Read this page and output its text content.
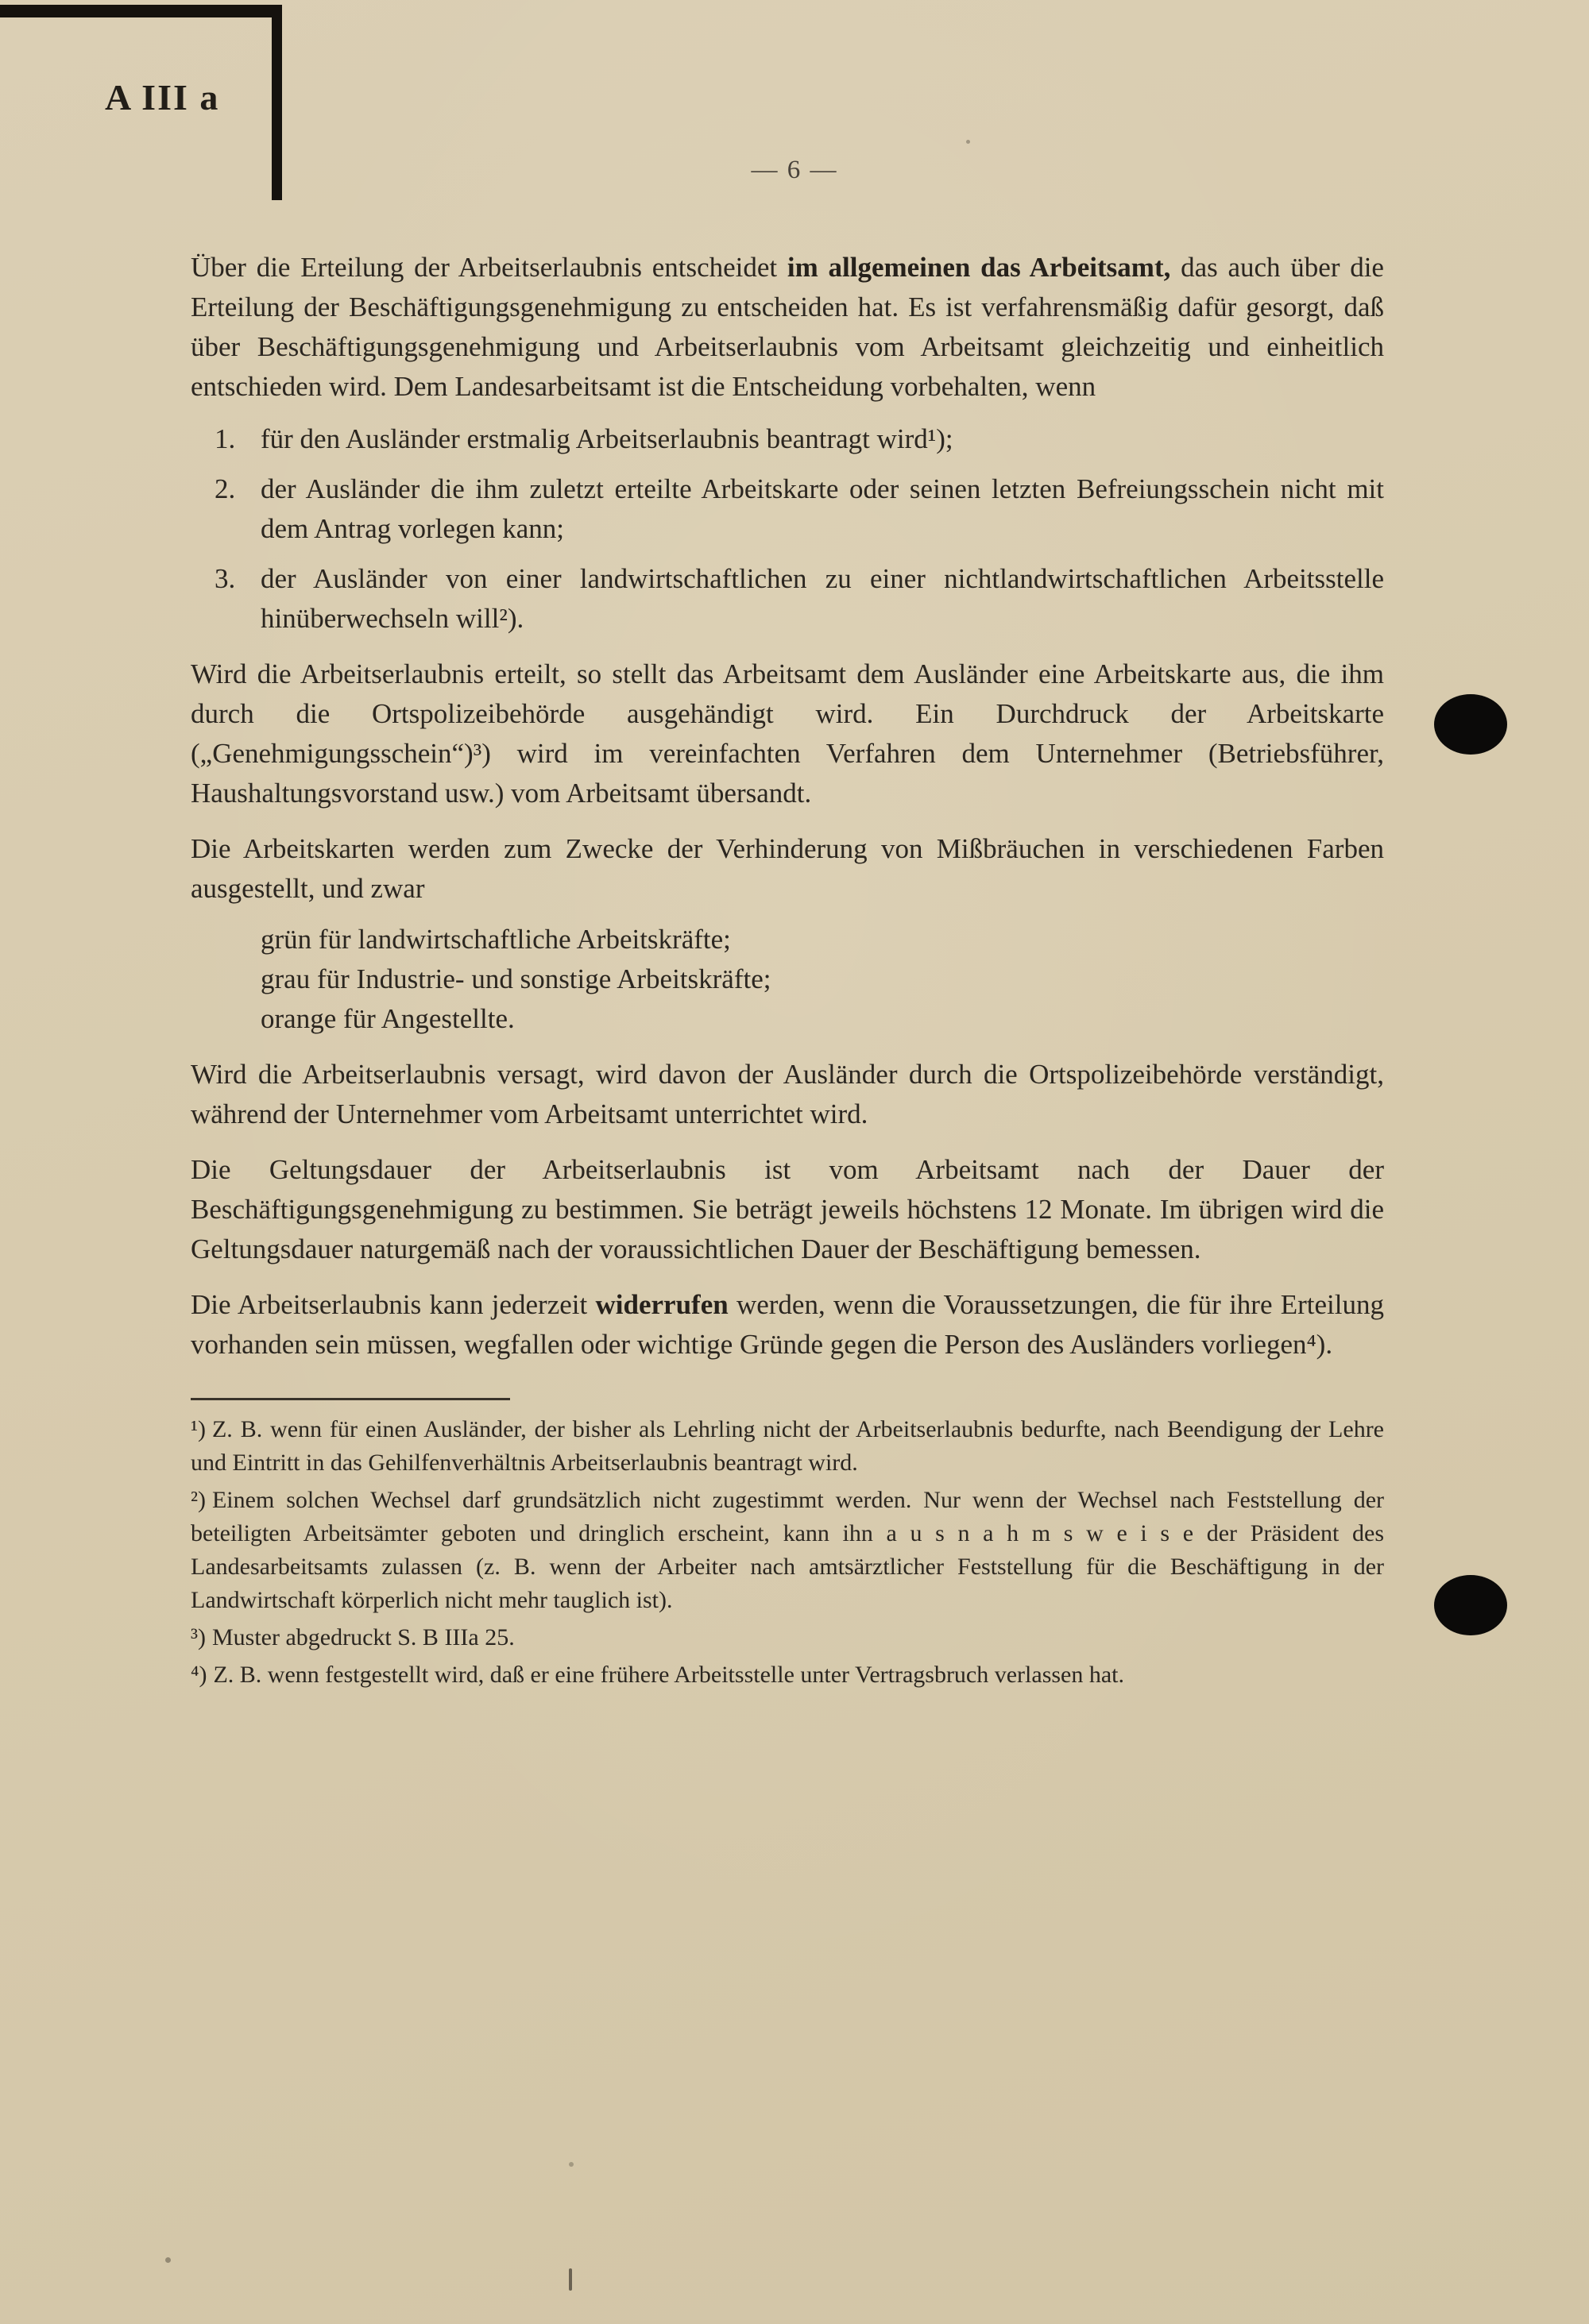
A III a
— 6 —

Über die Erteilung der Arbeitserlaubnis entscheidet im allgemeinen das Arbeitsamt, das auch über die Erteilung der Beschäftigungsgenehmigung zu entscheiden hat. Es ist verfahrensmäßig dafür gesorgt, daß über Beschäftigungsgenehmigung und Arbeitserlaubnis vom Arbeitsamt gleichzeitig und einheitlich entschieden wird. Dem Landesarbeitsamt ist die Entscheidung vorbehalten, wenn

1. für den Ausländer erstmalig Arbeitserlaubnis beantragt wird¹);
2. der Ausländer die ihm zuletzt erteilte Arbeitskarte oder seinen letzten Befreiungsschein nicht mit dem Antrag vorlegen kann;
3. der Ausländer von einer landwirtschaftlichen zu einer nichtlandwirtschaftlichen Arbeitsstelle hinüberwechseln will²).

Wird die Arbeitserlaubnis erteilt, so stellt das Arbeitsamt dem Ausländer eine Arbeitskarte aus, die ihm durch die Ortspolizeibehörde ausgehändigt wird. Ein Durchdruck der Arbeitskarte („Genehmigungsschein“)³) wird im vereinfachten Verfahren dem Unternehmer (Betriebsführer, Haushaltungsvorstand usw.) vom Arbeitsamt übersandt.

Die Arbeitskarten werden zum Zwecke der Verhinderung von Mißbräuchen in verschiedenen Farben ausgestellt, und zwar

grün für landwirtschaftliche Arbeitskräfte;
grau für Industrie- und sonstige Arbeitskräfte;
orange für Angestellte.

Wird die Arbeitserlaubnis versagt, wird davon der Ausländer durch die Ortspolizeibehörde verständigt, während der Unternehmer vom Arbeitsamt unterrichtet wird.

Die Geltungsdauer der Arbeitserlaubnis ist vom Arbeitsamt nach der Dauer der Beschäftigungsgenehmigung zu bestimmen. Sie beträgt jeweils höchstens 12 Monate. Im übrigen wird die Geltungsdauer naturgemäß nach der voraussichtlichen Dauer der Beschäftigung bemessen.

Die Arbeitserlaubnis kann jederzeit widerrufen werden, wenn die Voraussetzungen, die für ihre Erteilung vorhanden sein müssen, wegfallen oder wichtige Gründe gegen die Person des Ausländers vorliegen⁴).

¹) Z. B. wenn für einen Ausländer, der bisher als Lehrling nicht der Arbeitserlaubnis bedurfte, nach Beendigung der Lehre und Eintritt in das Gehilfenverhältnis Arbeitserlaubnis beantragt wird.

²) Einem solchen Wechsel darf grundsätzlich nicht zugestimmt werden. Nur wenn der Wechsel nach Feststellung der beteiligten Arbeitsämter geboten und dringlich erscheint, kann ihn a u s n a h m s w e i s e der Präsident des Landesarbeitsamts zulassen (z. B. wenn der Arbeiter nach amtsärztlicher Feststellung für die Beschäftigung in der Landwirtschaft körperlich nicht mehr tauglich ist).

³) Muster abgedruckt S. B IIIa 25.

⁴) Z. B. wenn festgestellt wird, daß er eine frühere Arbeitsstelle unter Vertragsbruch verlassen hat.
